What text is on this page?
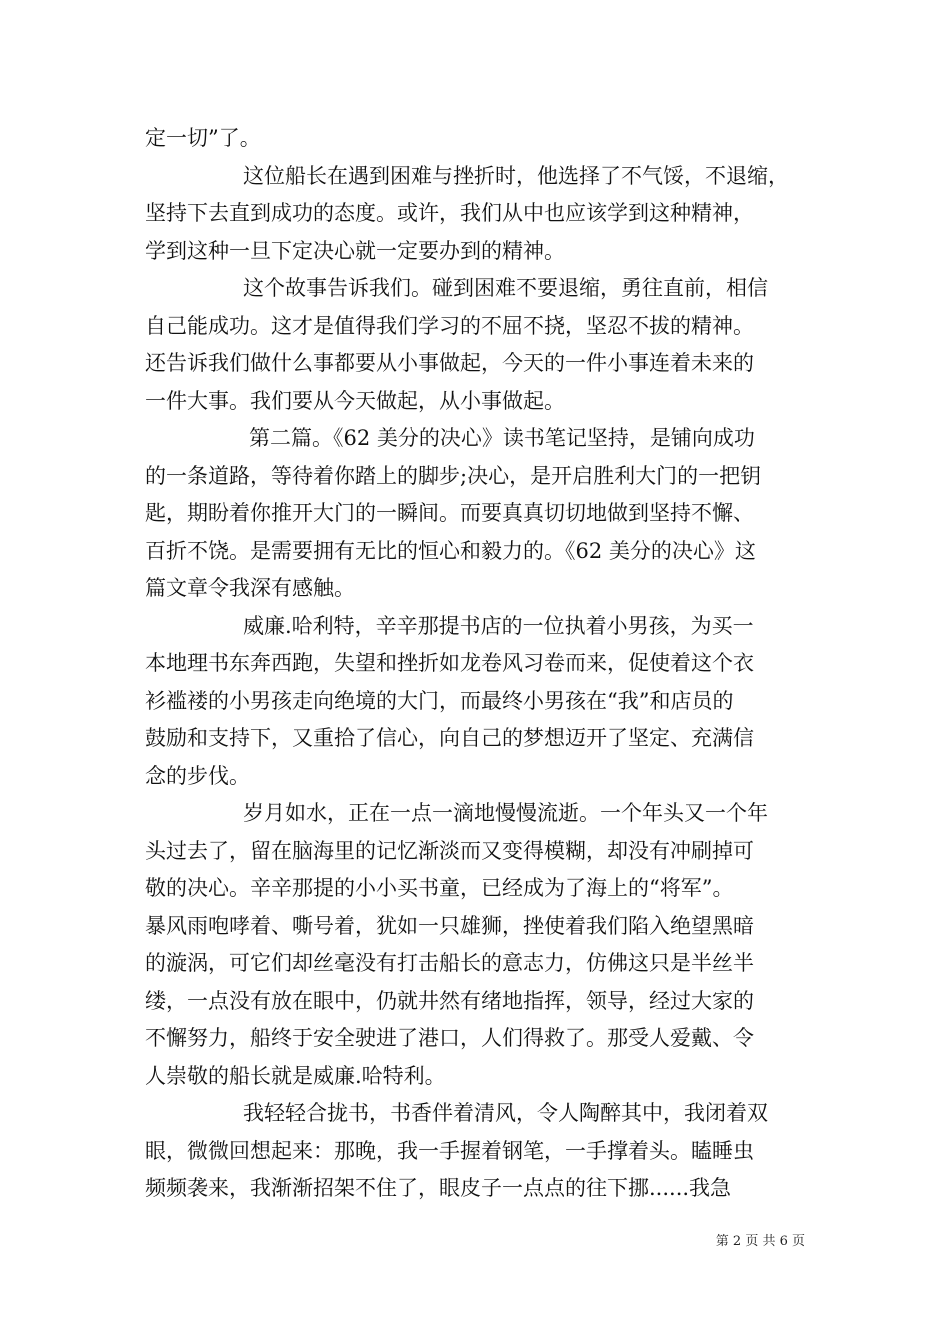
定一切”了。
这位船长在遇到困难与挫折时，他选择了不气馁，不退缩，
坚持下去直到成功的态度。或许，我们从中也应该学到这种精神，
学到这种一旦下定决心就一定要办到的精神。
这个故事告诉我们。碰到困难不要退缩，勇往直前，相信
自己能成功。这才是值得我们学习的不屈不挠，坚忍不拔的精神。
还告诉我们做什么事都要从小事做起，今天的一件小事连着未来的
一件大事。我们要从今天做起，从小事做起。
第二篇。《62 美分的决心》读书笔记坚持，是铺向成功
的一条道路，等待着你踏上的脚步;决心，是开启胜利大门的一把钥
匙，期盼着你推开大门的一瞬间。而要真真切切地做到坚持不懈、
百折不饶。是需要拥有无比的恒心和毅力的。《62 美分的决心》这
篇文章令我深有感触。
威廉.哈利特，辛辛那提书店的一位执着小男孩，为买一
本地理书东奔西跑，失望和挫折如龙卷风习卷而来，促使着这个衣
衫褴褛的小男孩走向绝境的大门，而最终小男孩在“我”和店员的
鼓励和支持下，又重拾了信心，向自己的梦想迈开了坚定、充满信
念的步伐。
岁月如水，正在一点一滴地慢慢流逝。一个年头又一个年
头过去了，留在脑海里的记忆渐淡而又变得模糊，却没有冲刷掉可
敬的决心。辛辛那提的小小买书童，已经成为了海上的“将军”。
暴风雨咆哮着、嘶号着，犹如一只雄狮，挫使着我们陷入绝望黑暗
的漩涡，可它们却丝毫没有打击船长的意志力，仿佛这只是半丝半
缕，一点没有放在眼中，仍就井然有绪地指挥，领导，经过大家的
不懈努力，船终于安全驶进了港口，人们得救了。那受人爱戴、令
人崇敬的船长就是威廉.哈特利。
我轻轻合拢书，书香伴着清风，令人陶醉其中，我闭着双
眼，微微回想起来：那晚，我一手握着钢笔，一手撑着头。瞌睡虫
频频袭来，我渐渐招架不住了，眼皮子一点点的往下挪......我急
第 2 页 共 6 页
